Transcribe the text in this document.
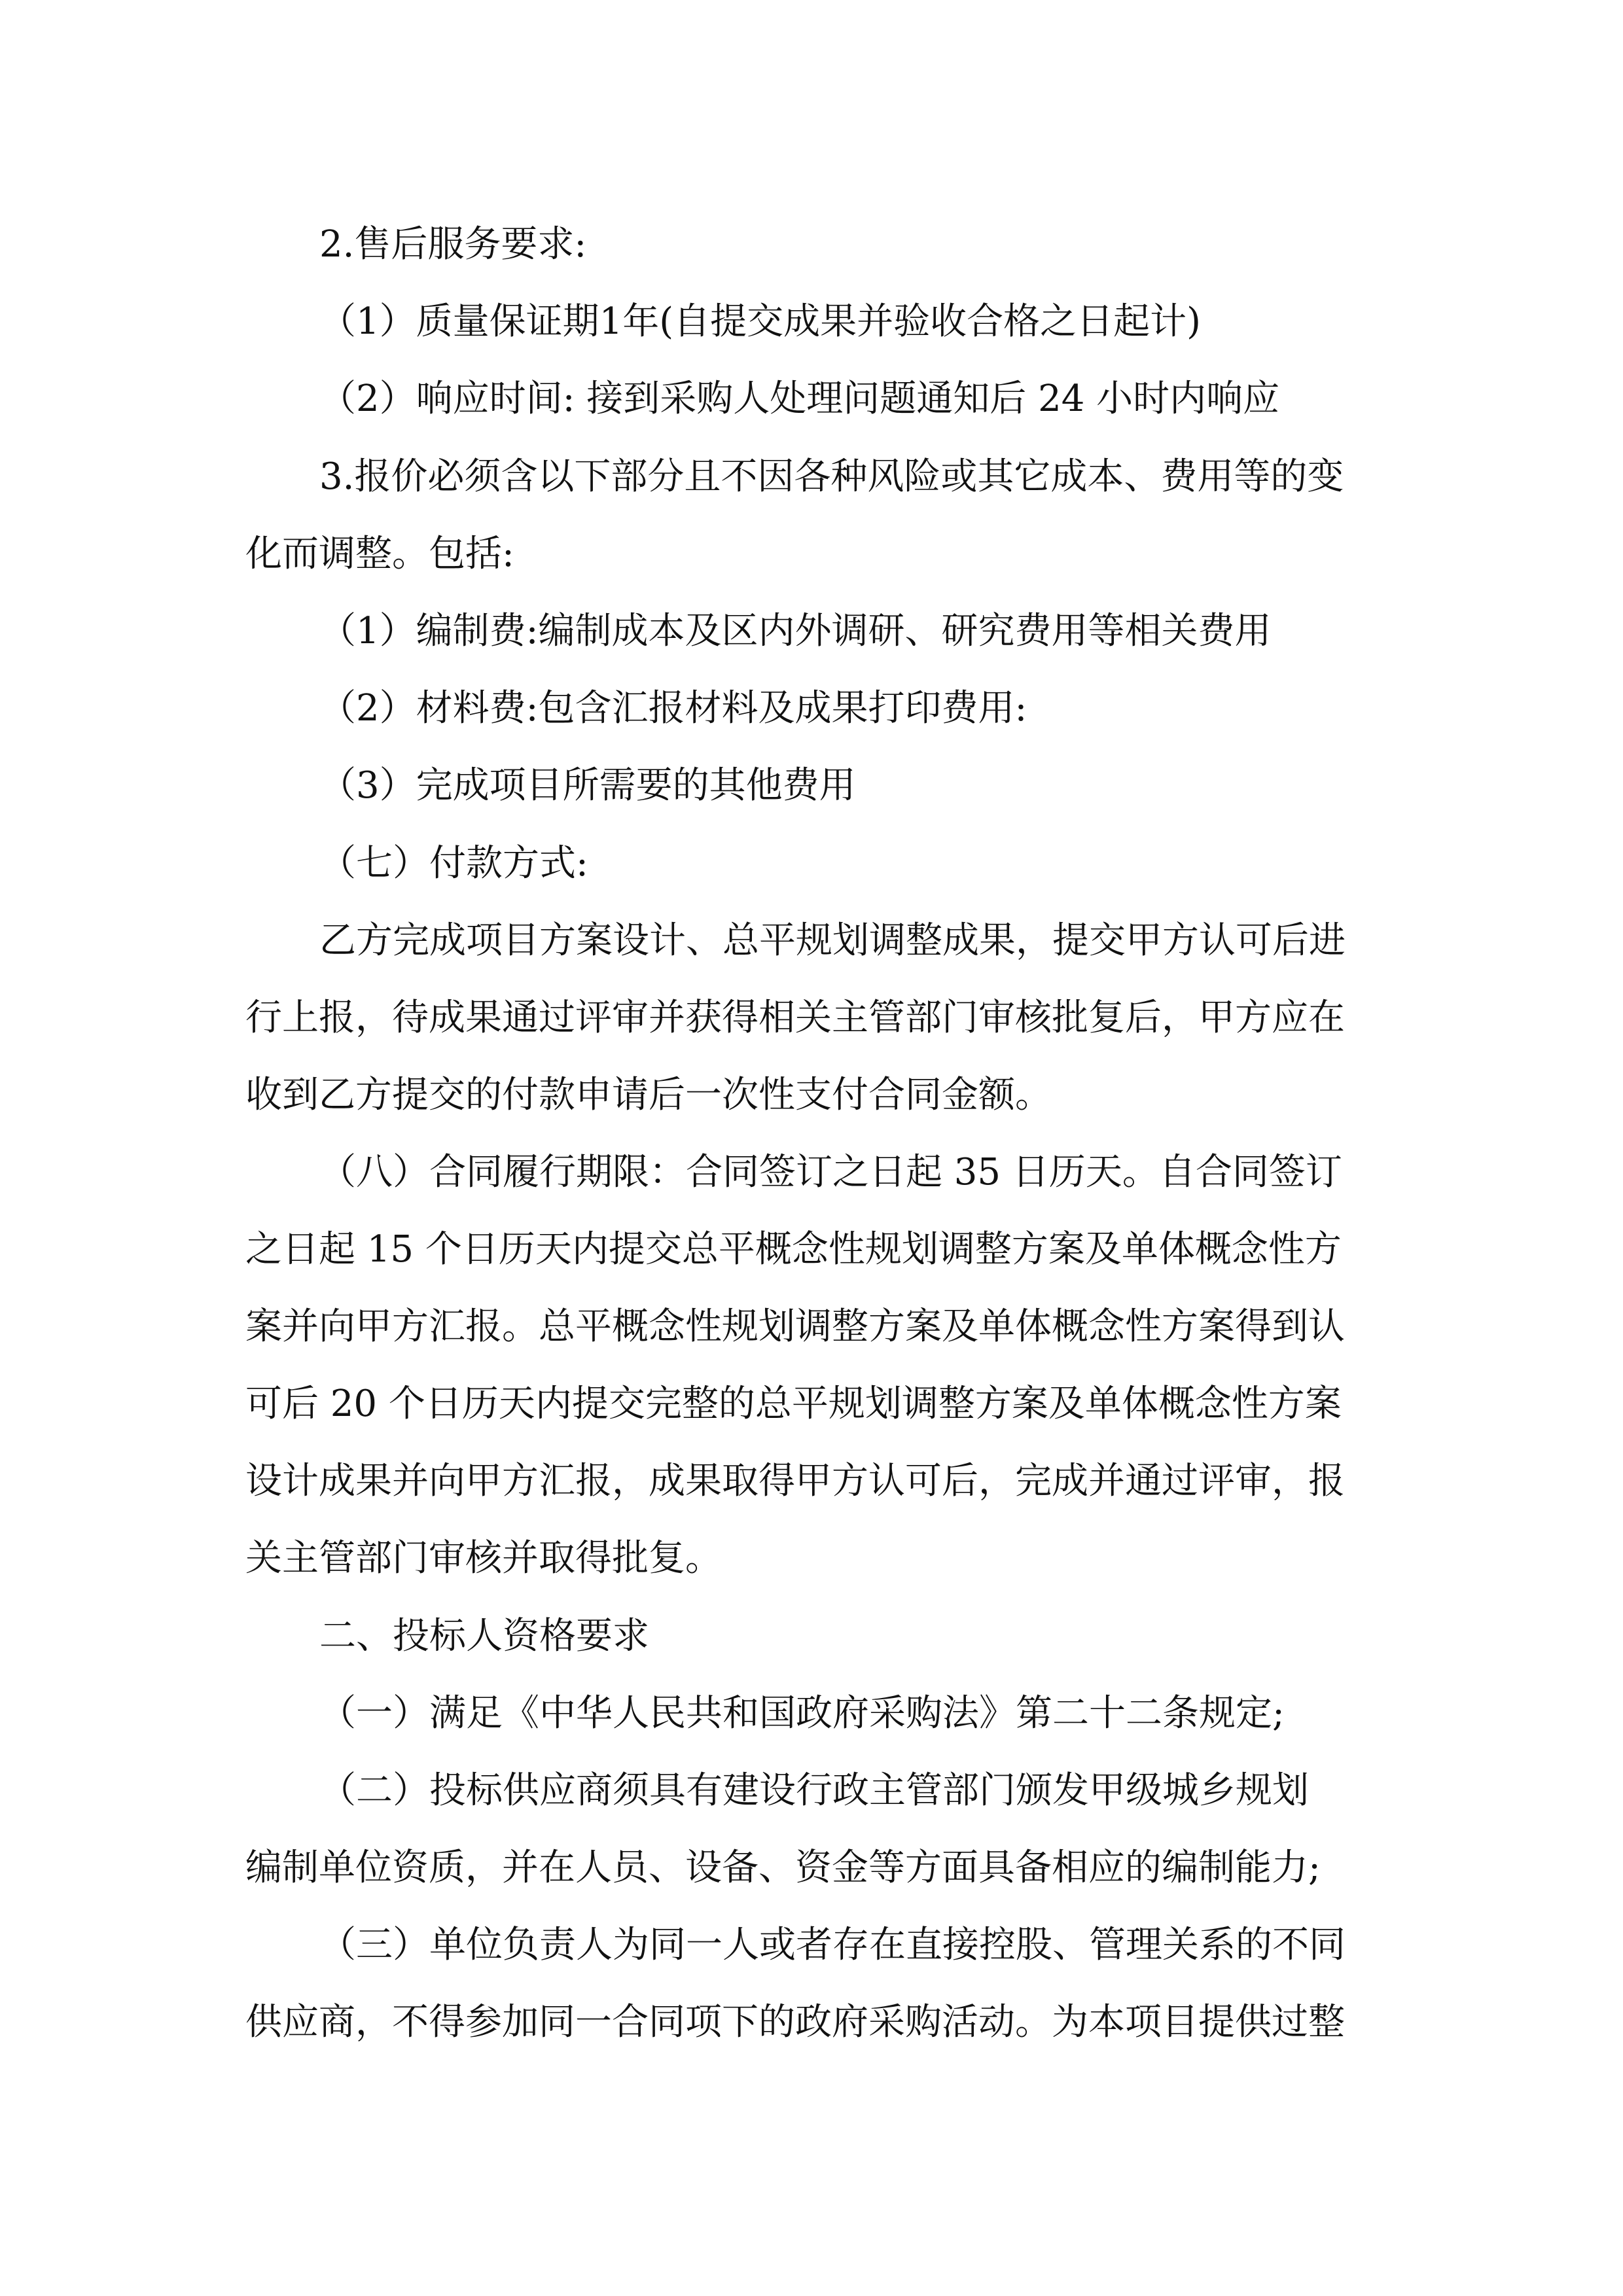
2.售后服务要求:
（1）质量保证期1年(自提交成果并验收合格之日起计)
（2）响应时间: 接到采购人处理问题通知后 24 小时内响应
3.报价必须含以下部分且不因各种风险或其它成本、费用等的变
化而调整。包括:
（1）编制费:编制成本及区内外调研、研究费用等相关费用
（2）材料费:包含汇报材料及成果打印费用:
（3）完成项目所需要的其他费用
（七）付款方式:
乙方完成项目方案设计、总平规划调整成果，提交甲方认可后进
行上报，待成果通过评审并获得相关主管部门审核批复后，甲方应在
收到乙方提交的付款申请后一次性支付合同金额。
（八）合同履行期限：合同签订之日起 35 日历天。自合同签订
之日起 15 个日历天内提交总平概念性规划调整方案及单体概念性方
案并向甲方汇报。总平概念性规划调整方案及单体概念性方案得到认
可后 20 个日历天内提交完整的总平规划调整方案及单体概念性方案
设计成果并向甲方汇报，成果取得甲方认可后，完成并通过评审，报
关主管部门审核并取得批复。
二、投标人资格要求
（一）满足《中华人民共和国政府采购法》第二十二条规定;
（二）投标供应商须具有建设行政主管部门颁发甲级城乡规划
编制单位资质，并在人员、设备、资金等方面具备相应的编制能力;
（三）单位负责人为同一人或者存在直接控股、管理关系的不同
供应商，不得参加同一合同项下的政府采购活动。为本项目提供过整
